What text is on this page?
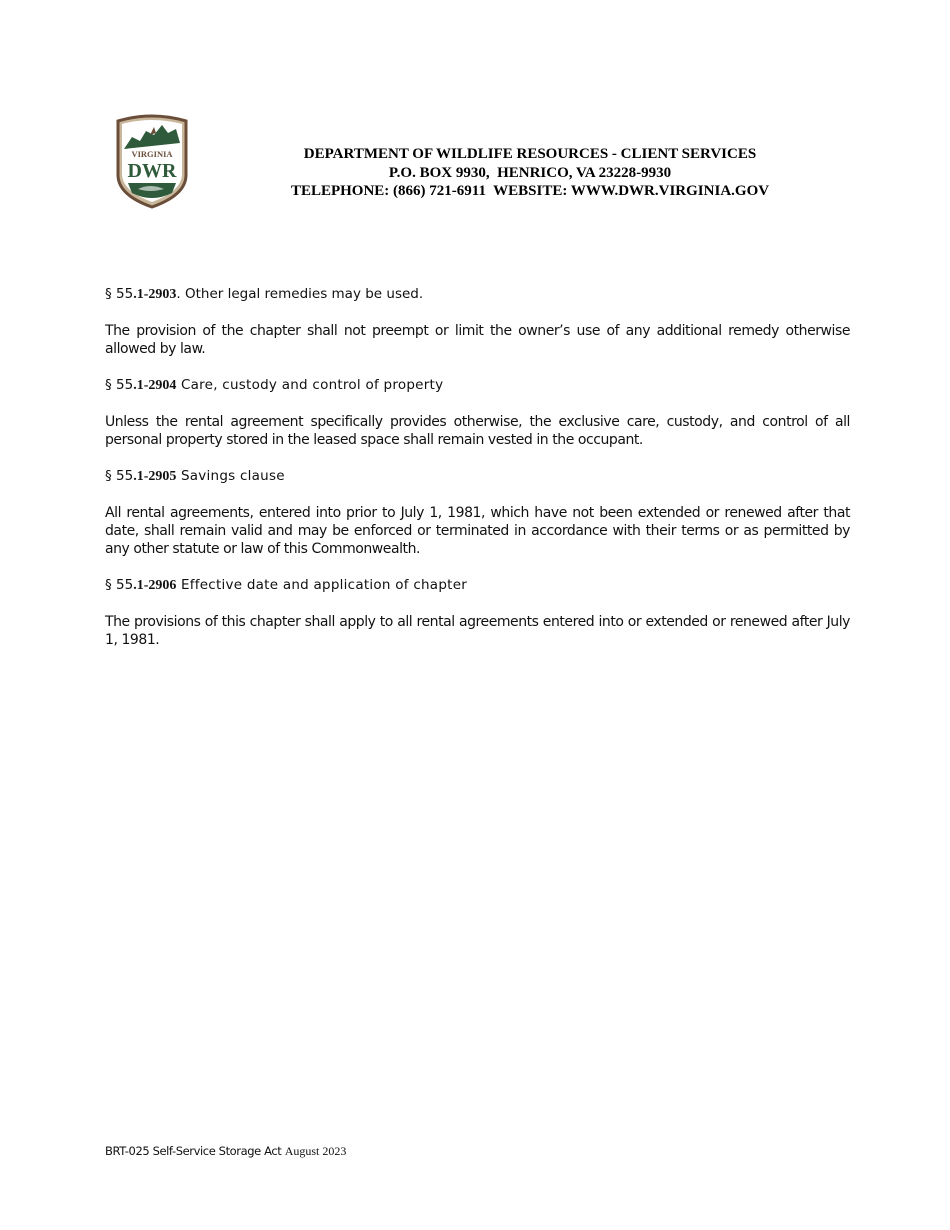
VIRGINIA
DWR
DEPARTMENT OF WILDLIFE RESOURCES - CLIENT SERVICES
P.O. BOX 9930,  HENRICO, VA 23228-9930
TELEPHONE: (866) 721-6911  WEBSITE: WWW.DWR.VIRGINIA.GOV

§ 55.1-2903. Other legal remedies may be used.

The provision of the chapter shall not preempt or limit the owner’s use of any additional remedy otherwise allowed by law.

§ 55.1-2904 Care, custody and control of property

Unless the rental agreement specifically provides otherwise, the exclusive care, custody, and control of all personal property stored in the leased space shall remain vested in the occupant.

§ 55.1-2905 Savings clause

All rental agreements, entered into prior to July 1, 1981, which have not been extended or renewed after that date, shall remain valid and may be enforced or terminated in accordance with their terms or as permitted by any other statute or law of this Commonwealth.

§ 55.1-2906 Effective date and application of chapter

The provisions of this chapter shall apply to all rental agreements entered into or extended or renewed after July 1, 1981.

BRT-025 Self-Service Storage Act August 2023
